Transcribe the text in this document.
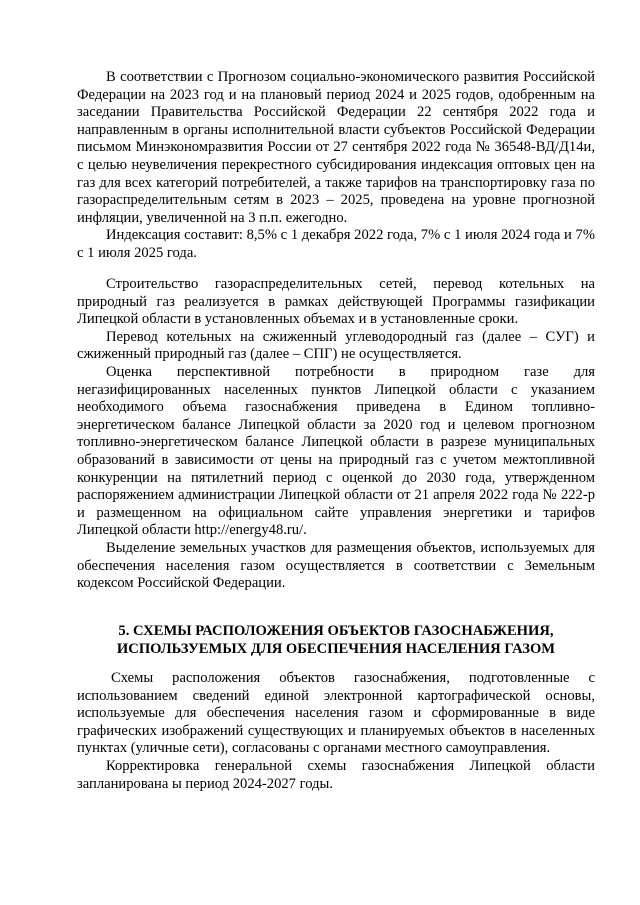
В соответствии с Прогнозом социально-экономического развития Российской Федерации на 2023 год и на плановый период 2024 и 2025 годов, одобренным на заседании Правительства Российской Федерации 22 сентября 2022 года и направленным в органы исполнительной власти субъектов Российской Федерации письмом Минэкономразвития России от 27 сентября 2022 года № 36548-ВД/Д14и, с целью неувеличения перекрестного субсидирования индексация оптовых цен на газ для всех категорий потребителей, а также тарифов на транспортировку газа по газораспределительным сетям в 2023 – 2025, проведена на уровне прогнозной инфляции, увеличенной на 3 п.п. ежегодно.

Индексация составит: 8,5% с 1 декабря 2022 года, 7% с 1 июля 2024 года и 7% с 1 июля 2025 года.

Строительство газораспределительных сетей, перевод котельных на природный газ реализуется в рамках действующей Программы газификации Липецкой области в установленных объемах и в установленные сроки.

Перевод котельных на сжиженный углеводородный газ (далее – СУГ) и сжиженный природный газ (далее – СПГ) не осуществляется.

Оценка перспективной потребности в природном газе для негазифицированных населенных пунктов Липецкой области с указанием необходимого объема газоснабжения приведена в Едином топливно-энергетическом балансе Липецкой области за 2020 год и целевом прогнозном топливно-энергетическом балансе Липецкой области в разрезе муниципальных образований в зависимости от цены на природный газ с учетом межтопливной конкуренции на пятилетний период с оценкой до 2030 года, утвержденном распоряжением администрации Липецкой области от 21 апреля 2022 года № 222-р и размещенном на официальном сайте управления энергетики и тарифов Липецкой области http://energy48.ru/.

Выделение земельных участков для размещения объектов, используемых для обеспечения населения газом осуществляется в соответствии с Земельным кодексом Российской Федерации.

5. СХЕМЫ РАСПОЛОЖЕНИЯ ОБЪЕКТОВ ГАЗОСНАБЖЕНИЯ,
ИСПОЛЬЗУЕМЫХ ДЛЯ ОБЕСПЕЧЕНИЯ НАСЕЛЕНИЯ ГАЗОМ

Схемы расположения объектов газоснабжения, подготовленные с использованием сведений единой электронной картографической основы, используемые для обеспечения населения газом и сформированные в виде графических изображений существующих и планируемых объектов в населенных пунктах (уличные сети), согласованы с органами местного самоуправления.

Корректировка генеральной схемы газоснабжения Липецкой области запланирована ы период 2024-2027 годы.
